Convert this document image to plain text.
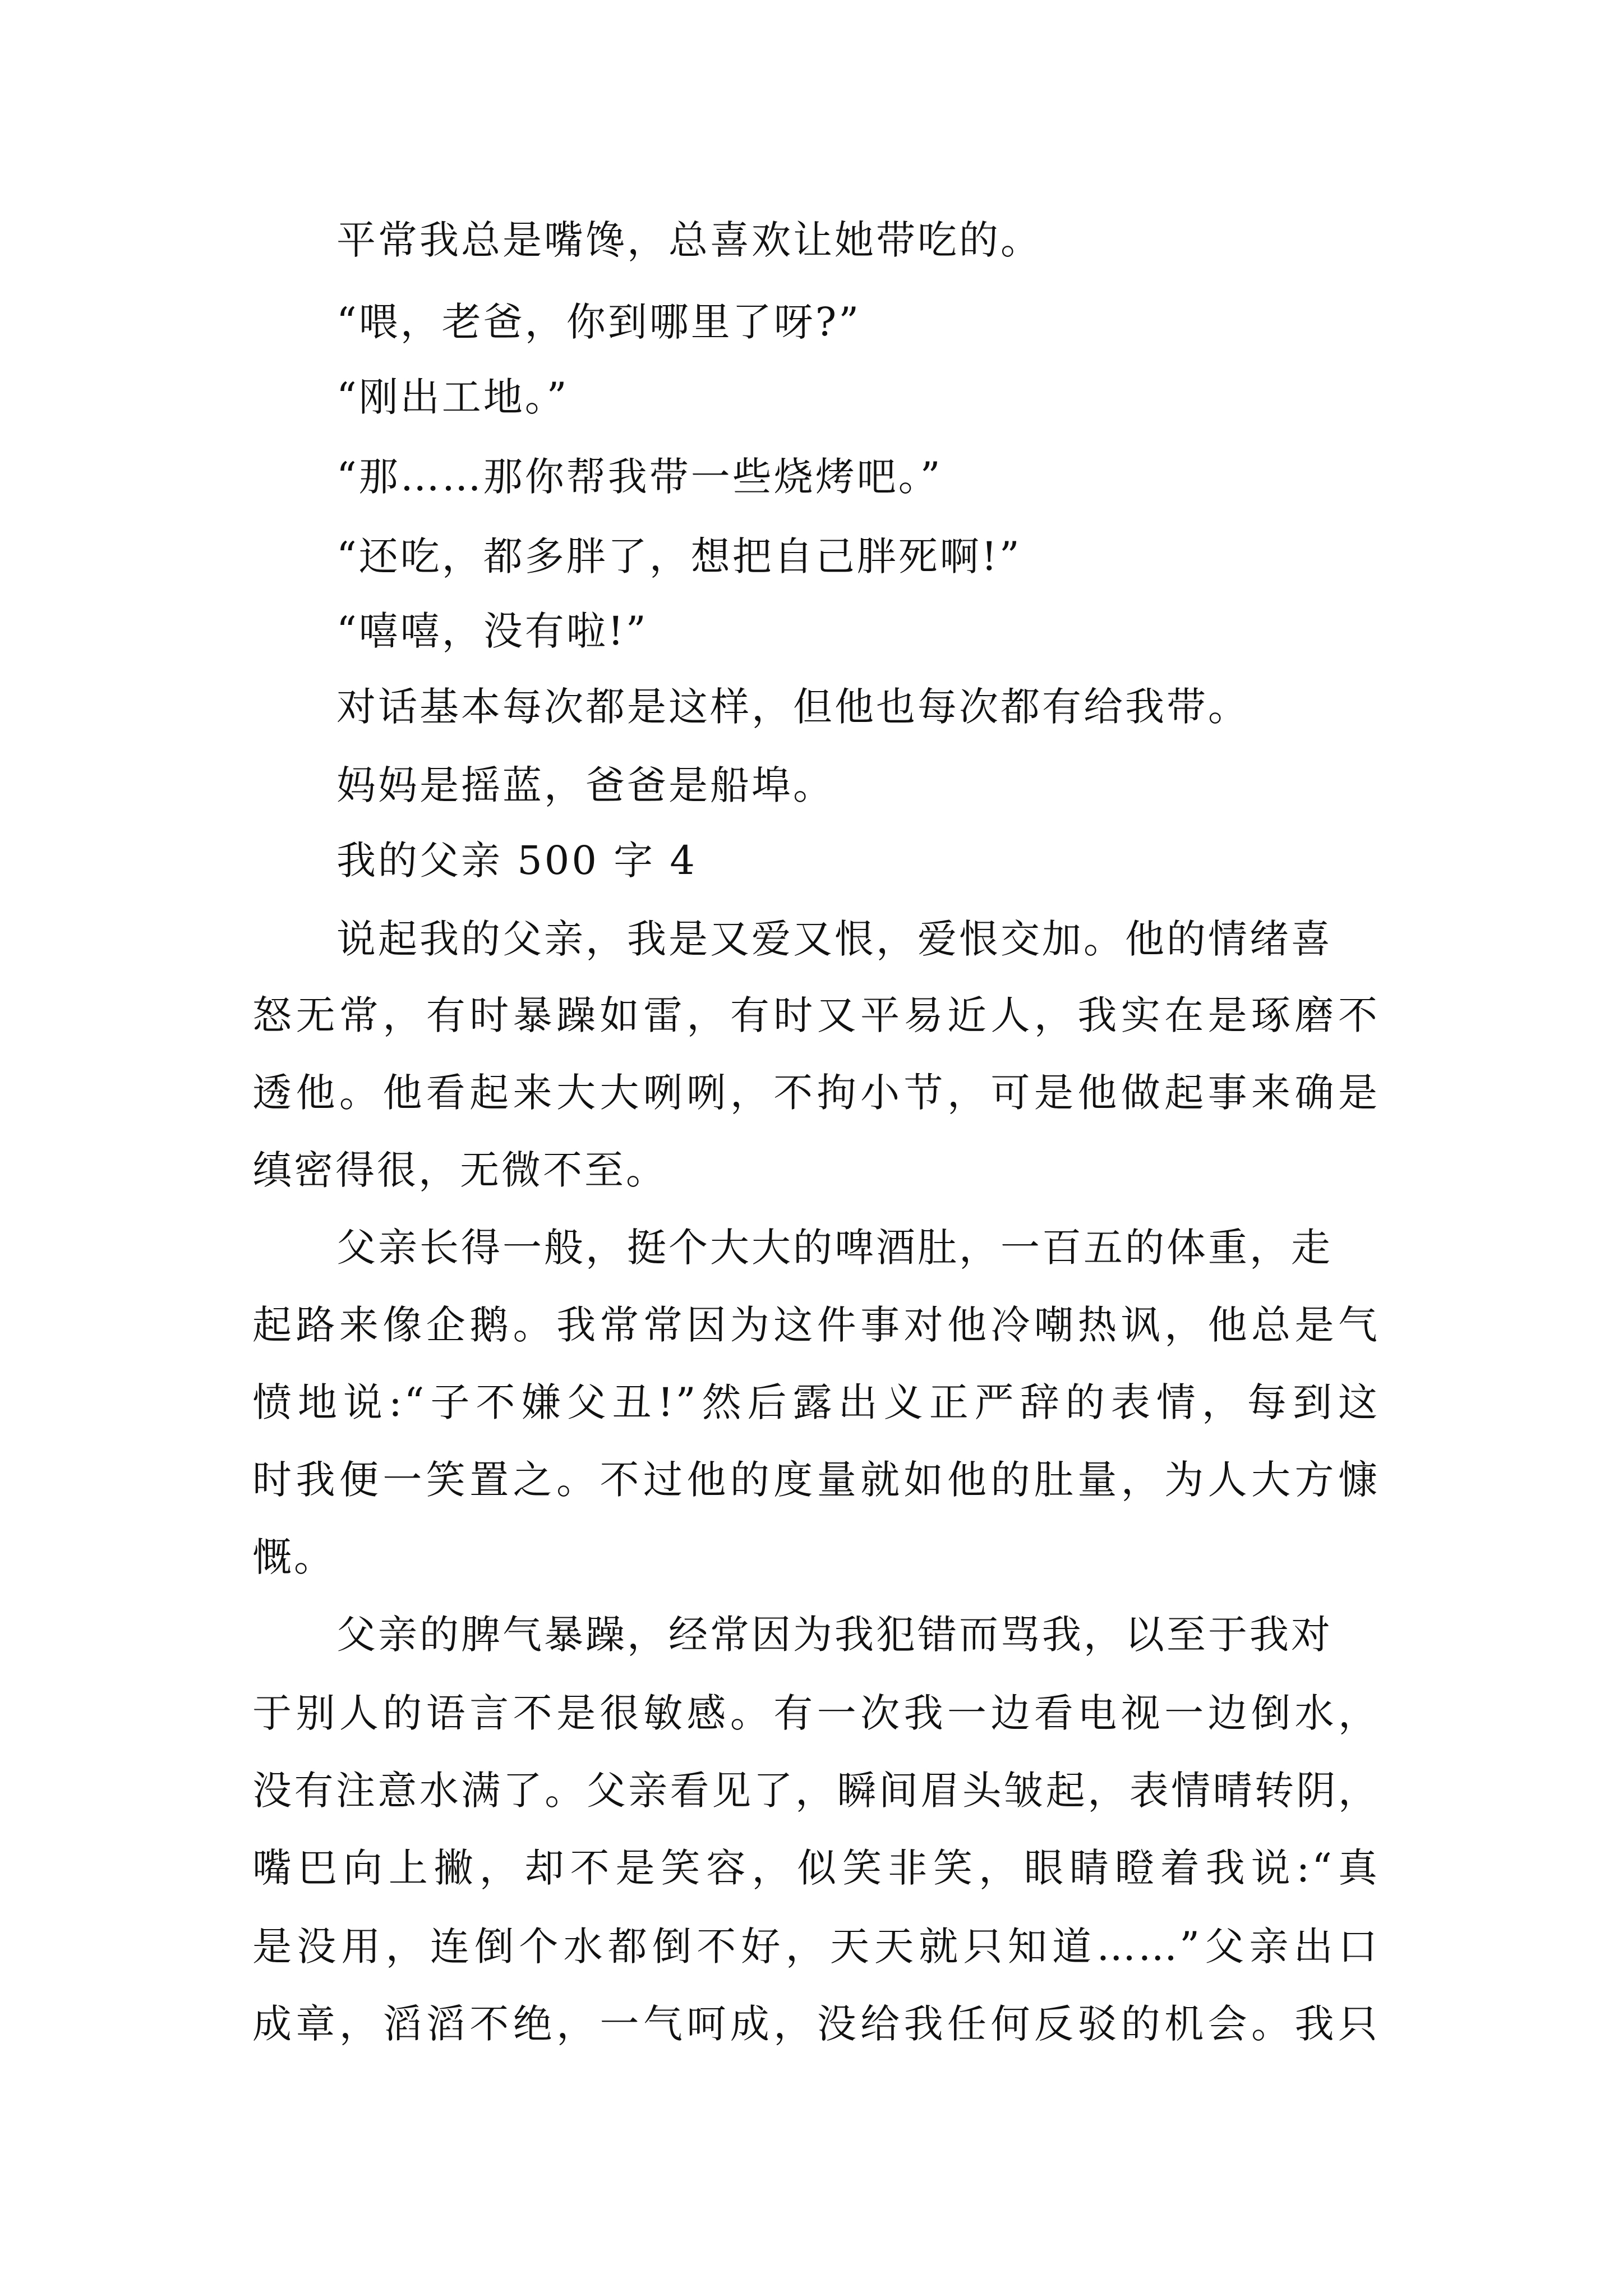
平常我总是嘴馋，总喜欢让她带吃的。
“喂，老爸，你到哪里了呀?”
“刚出工地。”
“那……那你帮我带一些烧烤吧。”
“还吃，都多胖了，想把自己胖死啊!”
“嘻嘻，没有啦!”
对话基本每次都是这样，但他也每次都有给我带。
妈妈是摇蓝，爸爸是船埠。
我的父亲 500 字 4
说起我的父亲，我是又爱又恨，爱恨交加。他的情绪喜
怒无常，有时暴躁如雷，有时又平易近人，我实在是琢磨不
透他。他看起来大大咧咧，不拘小节，可是他做起事来确是
缜密得很，无微不至。
父亲长得一般，挺个大大的啤酒肚，一百五的体重，走
起路来像企鹅。我常常因为这件事对他冷嘲热讽，他总是气
愤地说:“子不嫌父丑!”然后露出义正严辞的表情，每到这
时我便一笑置之。不过他的度量就如他的肚量，为人大方慷
慨。
父亲的脾气暴躁，经常因为我犯错而骂我，以至于我对
于别人的语言不是很敏感。有一次我一边看电视一边倒水，
没有注意水满了。父亲看见了，瞬间眉头皱起，表情晴转阴，
嘴巴向上撇，却不是笑容，似笑非笑，眼睛瞪着我说:“真
是没用，连倒个水都倒不好，天天就只知道……”父亲出口
成章，滔滔不绝，一气呵成，没给我任何反驳的机会。我只
